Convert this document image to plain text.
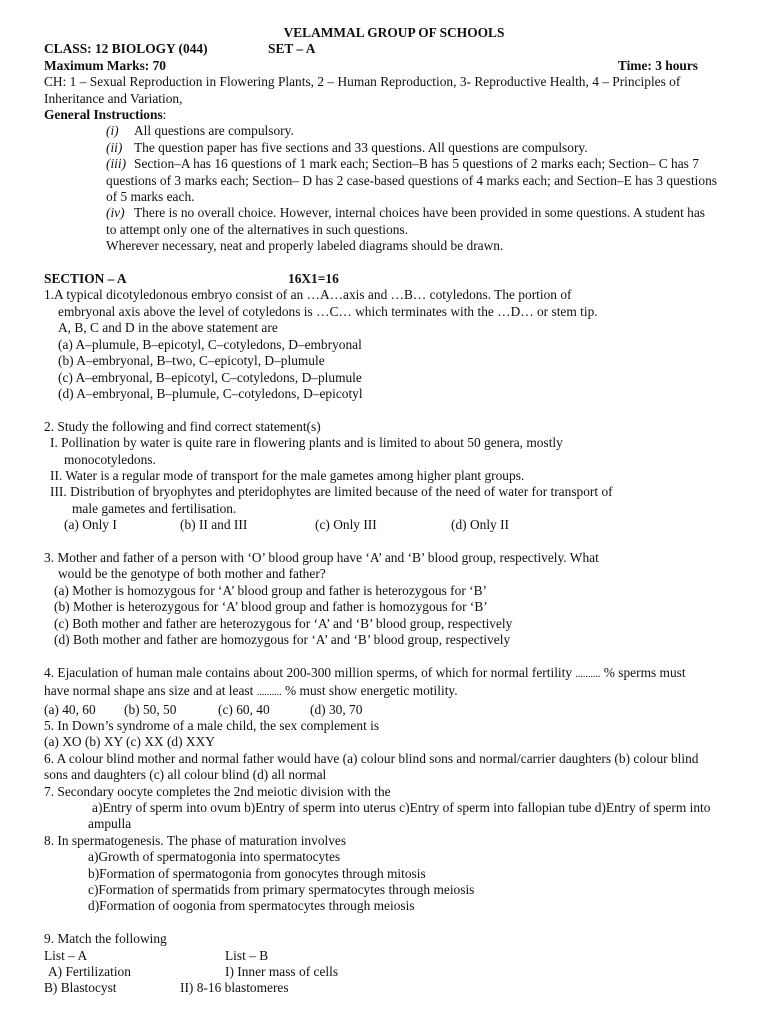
VELAMMAL GROUP OF SCHOOLS
CLASS: 12 BIOLOGY (044)	SET – A
Maximum Marks: 70	Time: 3 hours
CH: 1 – Sexual Reproduction in Flowering Plants, 2 – Human Reproduction, 3- Reproductive Health, 4 – Principles of
Inheritance and Variation,
General Instructions:
(i) All questions are compulsory.
(ii) The question paper has five sections and 33 questions. All questions are compulsory.
(iii) Section–A has 16 questions of 1 mark each; Section–B has 5 questions of 2 marks each; Section– C has 7
questions of 3 marks each; Section– D has 2 case-based questions of 4 marks each; and Section–E has 3 questions
of 5 marks each.
(iv) There is no overall choice. However, internal choices have been provided in some questions. A student has
to attempt only one of the alternatives in such questions.
Wherever necessary, neat and properly labeled diagrams should be drawn.
SECTION – A	16X1=16
1.A typical dicotyledonous embryo consist of an …A…axis and …B… cotyledons. The portion of
embryonal axis above the level of cotyledons is …C… which terminates with the …D… or stem tip.
A, B, C and D in the above statement are
(a) A–plumule, B–epicotyl, C–cotyledons, D–embryonal
(b) A–embryonal, B–two, C–epicotyl, D–plumule
(c) A–embryonal, B–epicotyl, C–cotyledons, D–plumule
(d) A–embryonal, B–plumule, C–cotyledons, D–epicotyl
2. Study the following and find correct statement(s)
I. Pollination by water is quite rare in flowering plants and is limited to about 50 genera, mostly
monocotyledons.
II. Water is a regular mode of transport for the male gametes among higher plant groups.
III. Distribution of bryophytes and pteridophytes are limited because of the need of water for transport of
male gametes and fertilisation.
(a) Only I	(b) II and III	(c) Only III	(d) Only II
3. Mother and father of a person with ‘O’ blood group have ‘A’ and ‘B’ blood group, respectively. What
would be the genotype of both mother and father?
(a) Mother is homozygous for ‘A’ blood group and father is heterozygous for ‘B’
(b) Mother is heterozygous for ‘A’ blood group and father is homozygous for ‘B’
(c) Both mother and father are heterozygous for ‘A’ and ‘B’ blood group, respectively
(d) Both mother and father are homozygous for ‘A’ and ‘B’ blood group, respectively
4. Ejaculation of human male contains about 200-300 million sperms, of which for normal fertility .......... % sperms must
have normal shape ans size and at least .......... % must show energetic motility.
(a) 40, 60	(b) 50, 50	(c) 60, 40	(d) 30, 70
5. In Down’s syndrome of a male child, the sex complement is
(a) XO (b) XY (c) XX (d) XXY
6. A colour blind mother and normal father would have (a) colour blind sons and normal/carrier daughters (b) colour blind
sons and daughters (c) all colour blind (d) all normal
7. Secondary oocyte completes the 2nd meiotic division with the
a)Entry of sperm into ovum b)Entry of sperm into uterus c)Entry of sperm into fallopian tube d)Entry of sperm into
ampulla
8. In spermatogenesis. The phase of maturation involves
a)Growth of spermatogonia into spermatocytes
b)Formation of spermatogonia from gonocytes through mitosis
c)Formation of spermatids from primary spermatocytes through meiosis
d)Formation of oogonia from spermatocytes through meiosis
9. Match the following
List – A	List – B
A) Fertilization	I) Inner mass of cells
B) Blastocyst	II) 8-16 blastomeres
